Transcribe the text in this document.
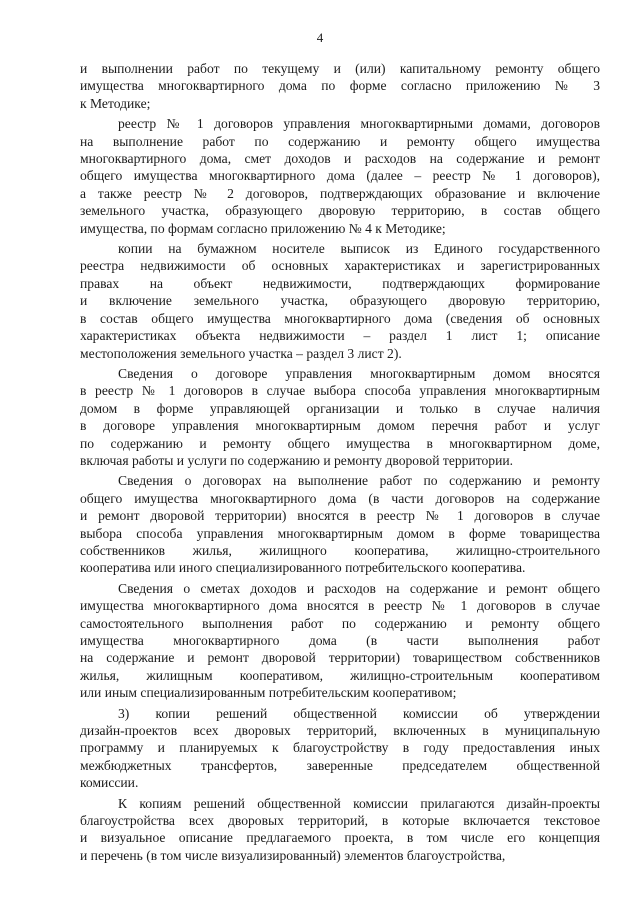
4

и выполнении работ по текущему и (или) капитальному ремонту общего
имущества многоквартирного дома по форме согласно приложению № 3
к Методике;

реестр № 1 договоров управления многоквартирными домами, договоров
на выполнение работ по содержанию и ремонту общего имущества
многоквартирного дома, смет доходов и расходов на содержание и ремонт
общего имущества многоквартирного дома (далее – реестр № 1 договоров),
а также реестр № 2 договоров, подтверждающих образование и включение
земельного участка, образующего дворовую территорию, в состав общего
имущества, по формам согласно приложению № 4 к Методике;

копии на бумажном носителе выписок из Единого государственного
реестра недвижимости об основных характеристиках и зарегистрированных
правах на объект недвижимости, подтверждающих формирование
и включение земельного участка, образующего дворовую территорию,
в состав общего имущества многоквартирного дома (сведения об основных
характеристиках объекта недвижимости – раздел 1 лист 1; описание
местоположения земельного участка – раздел 3 лист 2).

Сведения о договоре управления многоквартирным домом вносятся
в реестр № 1 договоров в случае выбора способа управления многоквартирным
домом в форме управляющей организации и только в случае наличия
в договоре управления многоквартирным домом перечня работ и услуг
по содержанию и ремонту общего имущества в многоквартирном доме,
включая работы и услуги по содержанию и ремонту дворовой территории.

Сведения о договорах на выполнение работ по содержанию и ремонту
общего имущества многоквартирного дома (в части договоров на содержание
и ремонт дворовой территории) вносятся в реестр № 1 договоров в случае
выбора способа управления многоквартирным домом в форме товарищества
собственников жилья, жилищного кооператива, жилищно-строительного
кооператива или иного специализированного потребительского кооператива.

Сведения о сметах доходов и расходов на содержание и ремонт общего
имущества многоквартирного дома вносятся в реестр № 1 договоров в случае
самостоятельного выполнения работ по содержанию и ремонту общего
имущества многоквартирного дома (в части выполнения работ
на содержание и ремонт дворовой территории) товариществом собственников
жилья, жилищным кооперативом, жилищно-строительным кооперативом
или иным специализированным потребительским кооперативом;

3) копии решений общественной комиссии об утверждении
дизайн-проектов всех дворовых территорий, включенных в муниципальную
программу и планируемых к благоустройству в году предоставления иных
межбюджетных трансфертов, заверенные председателем общественной
комиссии.

К копиям решений общественной комиссии прилагаются дизайн-проекты
благоустройства всех дворовых территорий, в которые включается текстовое
и визуальное описание предлагаемого проекта, в том числе его концепция
и перечень (в том числе визуализированный) элементов благоустройства,
